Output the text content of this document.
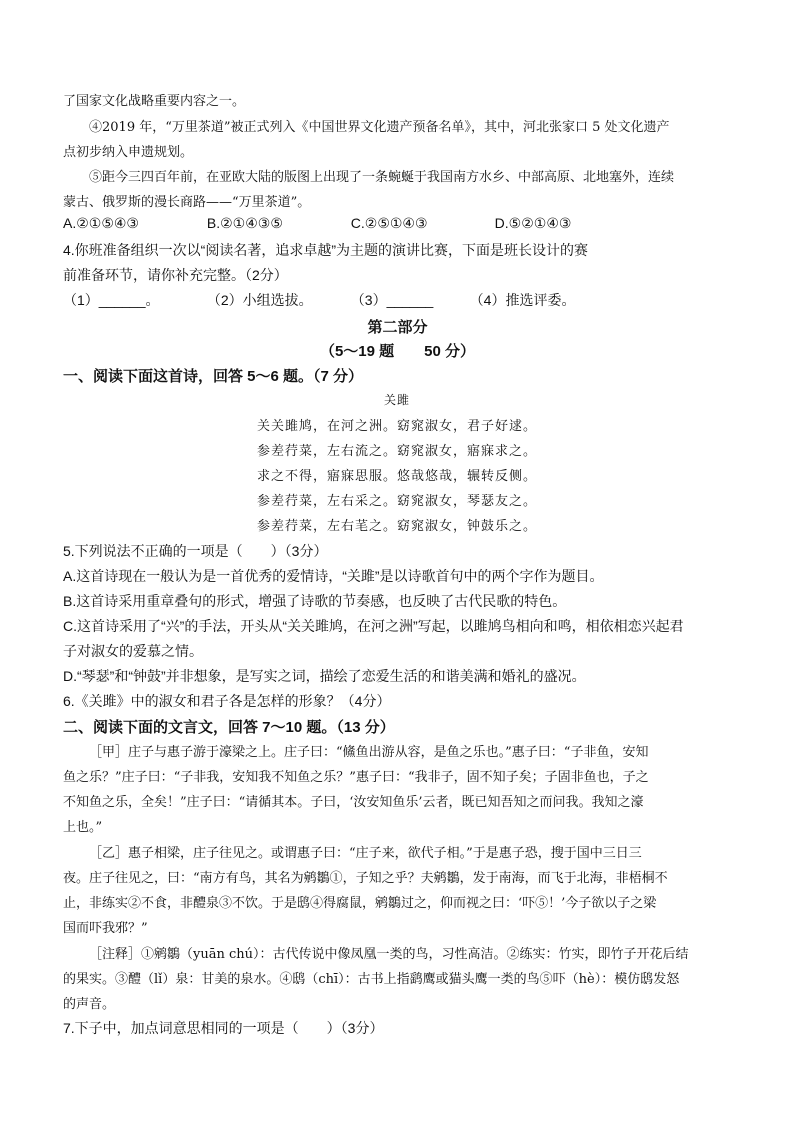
了国家文化战略重要内容之一。
④2019 年，“万里茶道”被正式列入《中国世界文化遗产预备名单》，其中，河北张家口 5 处文化遗产
点初步纳入申遗规划。
⑤距今三四百年前，在亚欧大陆的版图上出现了一条蜿蜒于我国南方水乡、中部高原、北地塞外，连续
蒙古、俄罗斯的漫长商路——“万里茶道”。
A.②①⑤④③	B.②①④③⑤	C.②⑤①④③	D.⑤②①④③
4.你班准备组织一次以“阅读名著，追求卓越”为主题的演讲比赛，下面是班长设计的赛
前准备环节，请你补充完整。（2分）
（1）______。	（2）小组选拔。	（3）______	（4）推选评委。
第二部分
（5～19 题　　50 分）
一、阅读下面这首诗，回答 5～6 题。（7 分）
关雎
关关雎鸠，在河之洲。窈窕淑女，君子好逑。
参差荇菜，左右流之。窈窕淑女，寤寐求之。
求之不得，寤寐思服。悠哉悠哉，辗转反侧。
参差荇菜，左右采之。窈窕淑女，琴瑟友之。
参差荇菜，左右芼之。窈窕淑女，钟鼓乐之。
5.下列说法不正确的一项是（　　）（3分）
A.这首诗现在一般认为是一首优秀的爱情诗，“关雎”是以诗歌首句中的两个字作为题目。
B.这首诗采用重章叠句的形式，增强了诗歌的节奏感，也反映了古代民歌的特色。
C.这首诗采用了“兴”的手法，开头从“关关雎鸠，在河之洲”写起，以雎鸠鸟相向和鸣，相依相恋兴起君
子对淑女的爱慕之情。
D.“琴瑟”和“钟鼓”并非想象，是写实之词，描绘了恋爱生活的和谐美满和婚礼的盛况。
6.《关雎》中的淑女和君子各是怎样的形象？（4分）
二、阅读下面的文言文，回答 7～10 题。（13 分）
［甲］庄子与惠子游于濠梁之上。庄子曰：“鯈鱼出游从容，是鱼之乐也。”惠子曰：“子非鱼，安知
鱼之乐？”庄子曰：“子非我，安知我不知鱼之乐？”惠子曰：“我非子，固不知子矣；子固非鱼也，子之
不知鱼之乐，全矣！”庄子曰：“请循其本。子曰，‘汝安知鱼乐’云者，既已知吾知之而问我。我知之濠
上也。”
［乙］惠子相梁，庄子往见之。或谓惠子曰：“庄子来，欲代子相。”于是惠子恐，搜于国中三日三
夜。庄子往见之，曰：“南方有鸟，其名为鹓鶵①，子知之乎？夫鹓鶵，发于南海，而飞于北海，非梧桐不
止，非练实②不食，非醴泉③不饮。于是鸱④得腐鼠，鹓鶵过之，仰而视之曰：‘吓⑤！’今子欲以子之梁
国而吓我邪？”
［注释］①鹓鶵（yuān chú）：古代传说中像凤凰一类的鸟，习性高洁。②练实：竹实，即竹子开花后结
的果实。③醴（lǐ）泉：甘美的泉水。④鸱（chī）：古书上指鹞鹰或猫头鹰一类的鸟⑤吓（hè）：模仿鸱发怒
的声音。
7.下子中，加点词意思相同的一项是（　　）（3分）
